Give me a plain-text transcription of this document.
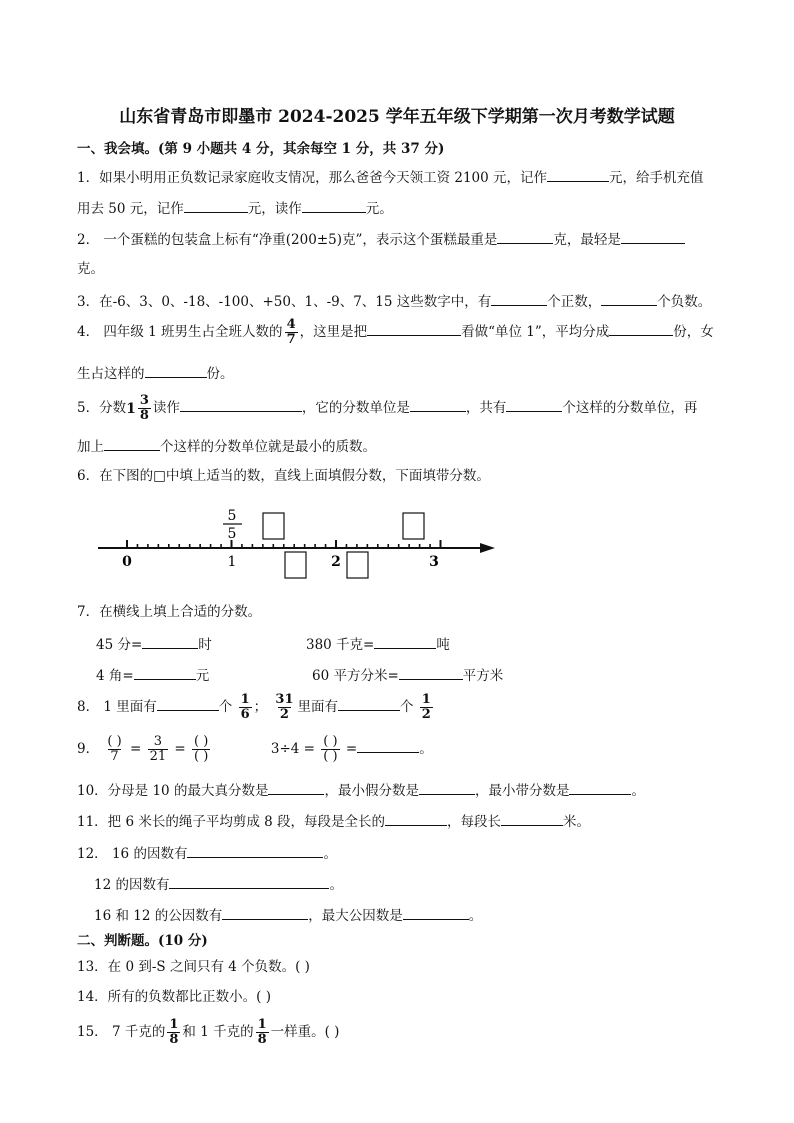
山东省青岛市即墨市 2024-2025 学年五年级下学期第一次月考数学试题
一、我会填。(第 9 小题共 4 分，其余每空 1 分，共 37 分)
1．如果小明用正负数记录家庭收支情况，那么爸爸今天领工资 2100 元，记作	元，给手机充值
用去 50 元，记作	元，读作	元。
2． 一个蛋糕的包装盒上标有“净重(200±5)克”，表示这个蛋糕最重是	克，最轻是
克。
3．在-6、3、0、-18、-100、+50、1、-9、7、15 这些数字中，有	个正数，	个负数。
4． 四年级 1 班男生占全班人数的 $\frac{4}{7}$ ，这里是把	看做“单位 1”，平均分成	份，女
生占这样的	份。
5．分数 $1 \frac{3}{8}$ 读作	，它的分数单位是	，共有	个这样的分数单位，再
加上	个这样的分数单位就是最小的质数。
6．在下图的□中填上适当的数，直线上面填假分数，下面填带分数。
0	1	2	3
5
5
7．在横线上填上合适的分数。
45 分=	时	380 千克=	吨
4 角=	元	60 平方分米=	平方米
8． 1 里面有	个 $\frac{1}{6}$ ； $\frac{31}{2}$ 里面有	个 $\frac{1}{2}$
9． $\frac{( )}{7} = \frac{3}{21} = \frac{( )}{( )}$	$3\div 4 = \frac{( )}{( )}$ =	。
10．分母是 10 的最大真分数是	，最小假分数是	，最小带分数是	。
11．把 6 米长的绳子平均剪成 8 段，每段是全长的	，每段长	米。
12． 16 的因数有	。
12 的因数有	。
16 和 12 的公因数有	，最大公因数是	。
二、判断题。(10 分)
13．在 0 到-S 之间只有 4 个负数。( )
14．所有的负数都比正数小。( )
15． 7 千克的 $\frac{1}{8}$ 和 1 千克的 $\frac{1}{8}$ 一样重。( )
